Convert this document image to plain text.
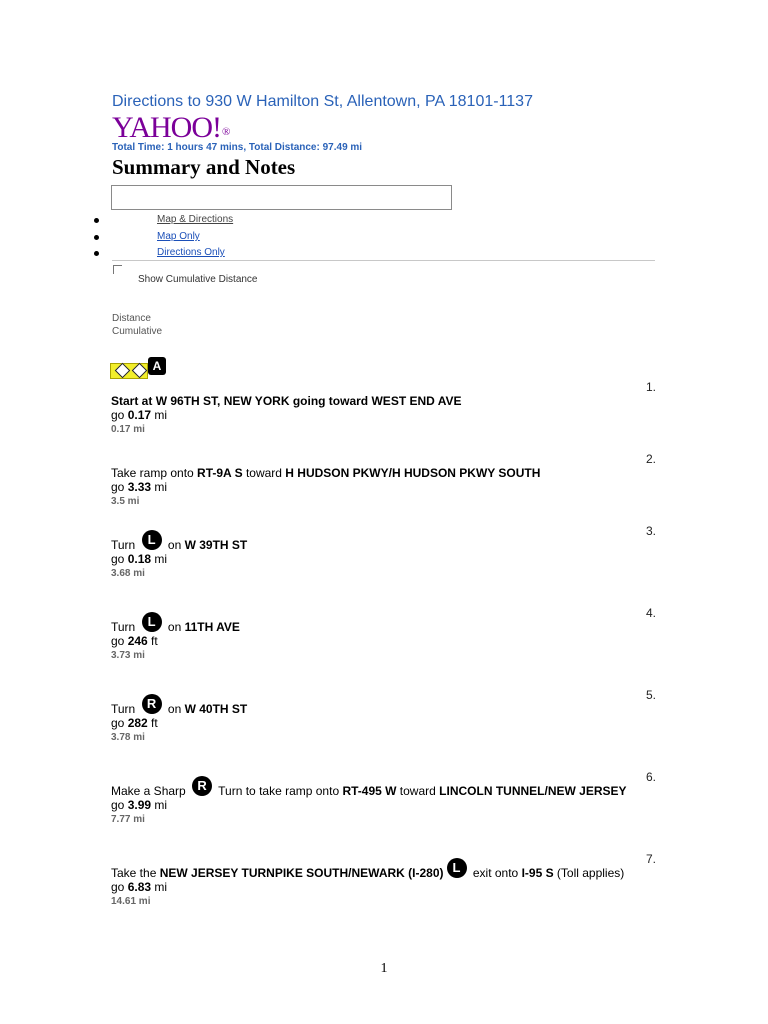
Directions to 930 W Hamilton St, Allentown, PA 18101-1137
YAHOO!®
Total Time: 1 hours 47 mins, Total Distance: 97.49 mi
Summary and Notes
Map & Directions
Map Only
Directions Only
Show Cumulative Distance
Distance
Cumulative
A
1.
Start at W 96TH ST, NEW YORK going toward WEST END AVE
go 0.17 mi
0.17 mi
2.
Take ramp onto RT-9A S toward H HUDSON PKWY/H HUDSON PKWY SOUTH
go 3.33 mi
3.5 mi
3.
Turn L on W 39TH ST
go 0.18 mi
3.68 mi
4.
Turn L on 11TH AVE
go 246 ft
3.73 mi
5.
Turn R on W 40TH ST
go 282 ft
3.78 mi
6.
Make a Sharp R Turn to take ramp onto RT-495 W toward LINCOLN TUNNEL/NEW JERSEY
go 3.99 mi
7.77 mi
7.
Take the NEW JERSEY TURNPIKE SOUTH/NEWARK (I-280) L exit onto I-95 S (Toll applies)
go 6.83 mi
14.61 mi
1
